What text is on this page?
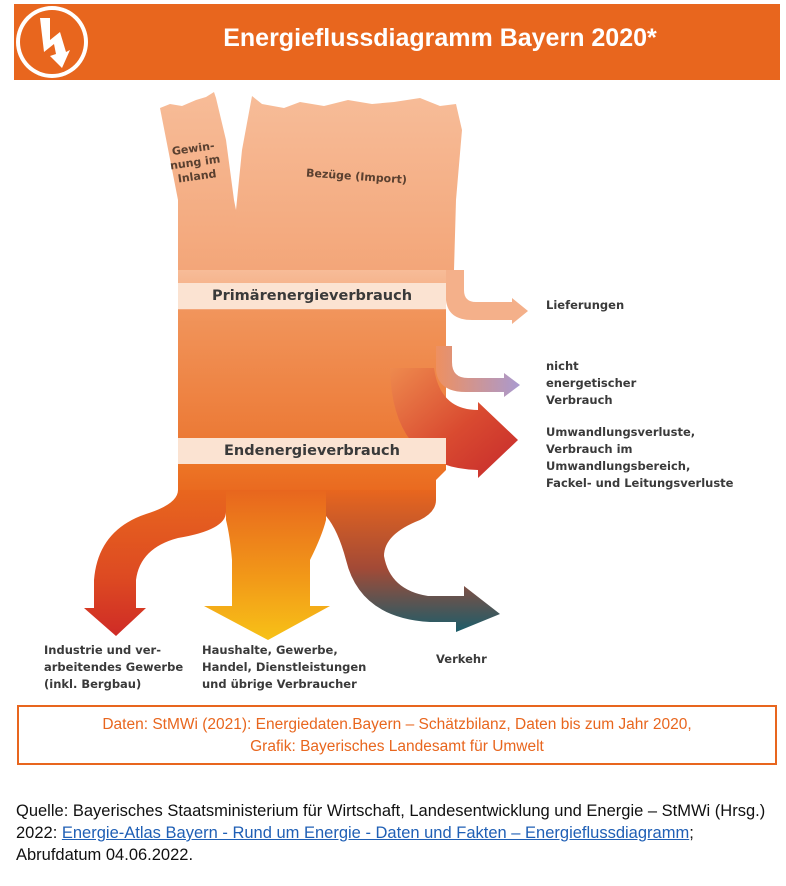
Energieflussdiagramm Bayern 2020*
Primärenergieverbrauch
Endenergieverbrauch
Gewin-
nung im
Inland	Bezüge (Import)
Lieferungen
nicht
energetischer
Verbrauch
Umwandlungsverluste,
Verbrauch im
Umwandlungsbereich,
Fackel- und Leitungsverluste
Industrie und ver-
arbeitendes Gewerbe
(inkl. Bergbau)
Haushalte, Gewerbe,
Handel, Dienstleistungen
und übrige Verbraucher
Verkehr
Daten: StMWi (2021): Energiedaten.Bayern – Schätzbilanz, Daten bis zum Jahr 2020,
Grafik: Bayerisches Landesamt für Umwelt
Quelle: Bayerisches Staatsministerium für Wirtschaft, Landesentwicklung und Energie – StMWi (Hrsg.) 2022: Energie-Atlas Bayern - Rund um Energie - Daten und Fakten – Energieflussdiagramm; Abrufdatum 04.06.2022.
